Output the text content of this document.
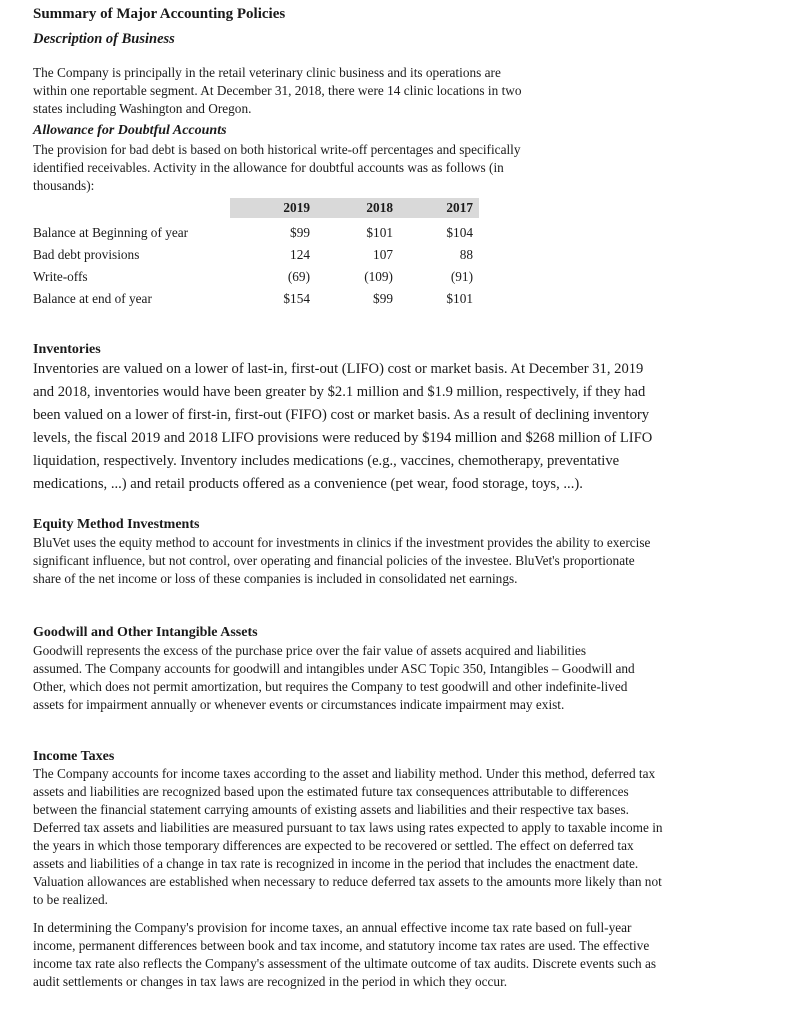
Summary of Major Accounting Policies
Description of Business
The Company is principally in the retail veterinary clinic business and its operations are
within one reportable segment. At December 31, 2018, there were 14 clinic locations in two
states including Washington and Oregon.
Allowance for Doubtful Accounts
The provision for bad debt is based on both historical write-off percentages and specifically
identified receivables. Activity in the allowance for doubtful accounts was as follows (in
thousands):
	2019	2018	2017	
Balance at Beginning of year	$99	$101	$104	
Bad debt provisions	124	107	88	
Write-offs	(69)	(109)	(91)	
Balance at end of year	$154	$99	$101	
Inventories
Inventories are valued on a lower of last-in, first-out (LIFO) cost or market basis. At December 31, 2019
and 2018, inventories would have been greater by $2.1 million and $1.9 million, respectively, if they had
been valued on a lower of first-in, first-out (FIFO) cost or market basis. As a result of declining inventory
levels, the fiscal 2019 and 2018 LIFO provisions were reduced by $194 million and $268 million of LIFO
liquidation, respectively. Inventory includes medications (e.g., vaccines, chemotherapy, preventative
medications, ...) and retail products offered as a convenience (pet wear, food storage, toys, ...).
Equity Method Investments
BluVet uses the equity method to account for investments in clinics if the investment provides the ability to exercise
significant influence, but not control, over operating and financial policies of the investee. BluVet's proportionate
share of the net income or loss of these companies is included in consolidated net earnings.
Goodwill and Other Intangible Assets
Goodwill represents the excess of the purchase price over the fair value of assets acquired and liabilities
assumed. The Company accounts for goodwill and intangibles under ASC Topic 350, Intangibles – Goodwill and
Other, which does not permit amortization, but requires the Company to test goodwill and other indefinite-lived
assets for impairment annually or whenever events or circumstances indicate impairment may exist.
Income Taxes
The Company accounts for income taxes according to the asset and liability method. Under this method, deferred tax
assets and liabilities are recognized based upon the estimated future tax consequences attributable to differences
between the financial statement carrying amounts of existing assets and liabilities and their respective tax bases.
Deferred tax assets and liabilities are measured pursuant to tax laws using rates expected to apply to taxable income in
the years in which those temporary differences are expected to be recovered or settled. The effect on deferred tax
assets and liabilities of a change in tax rate is recognized in income in the period that includes the enactment date.
Valuation allowances are established when necessary to reduce deferred tax assets to the amounts more likely than not
to be realized.
In determining the Company's provision for income taxes, an annual effective income tax rate based on full-year
income, permanent differences between book and tax income, and statutory income tax rates are used. The effective
income tax rate also reflects the Company's assessment of the ultimate outcome of tax audits. Discrete events such as
audit settlements or changes in tax laws are recognized in the period in which they occur.
